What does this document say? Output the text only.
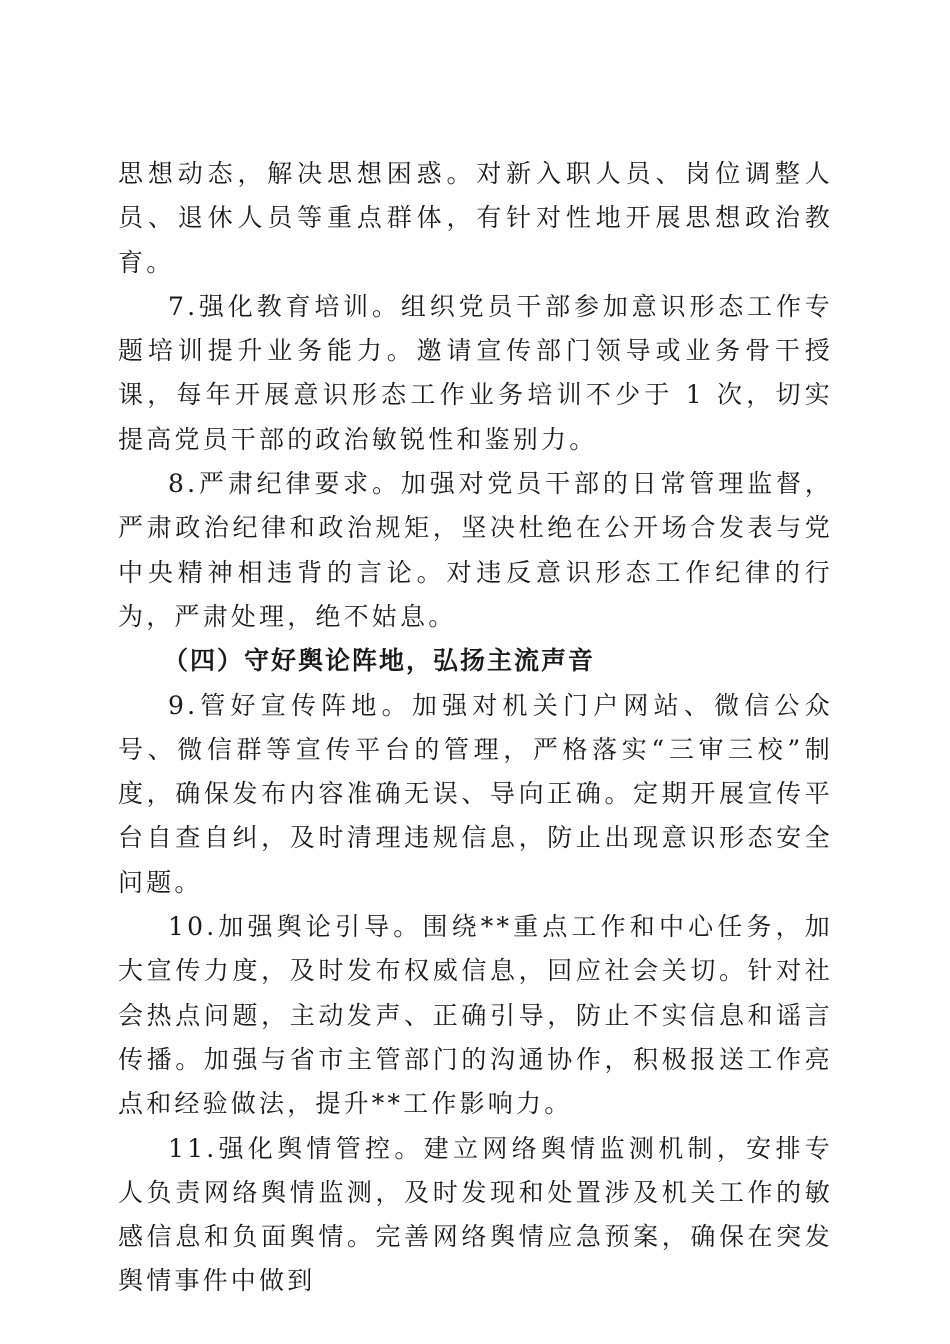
思想动态，解决思想困惑。对新入职人员、岗位调整人员、退休人员等重点群体，有针对性地开展思想政治教育。

7.强化教育培训。组织党员干部参加意识形态工作专题培训提升业务能力。邀请宣传部门领导或业务骨干授课，每年开展意识形态工作业务培训不少于 1 次，切实提高党员干部的政治敏锐性和鉴别力。

8.严肃纪律要求。加强对党员干部的日常管理监督，严肃政治纪律和政治规矩，坚决杜绝在公开场合发表与党中央精神相违背的言论。对违反意识形态工作纪律的行为，严肃处理，绝不姑息。

（四）守好舆论阵地，弘扬主流声音

9.管好宣传阵地。加强对机关门户网站、微信公众号、微信群等宣传平台的管理，严格落实“三审三校”制度，确保发布内容准确无误、导向正确。定期开展宣传平台自查自纠，及时清理违规信息，防止出现意识形态安全问题。

10.加强舆论引导。围绕**重点工作和中心任务，加大宣传力度，及时发布权威信息，回应社会关切。针对社会热点问题，主动发声、正确引导，防止不实信息和谣言传播。加强与省市主管部门的沟通协作，积极报送工作亮点和经验做法，提升**工作影响力。

11.强化舆情管控。建立网络舆情监测机制，安排专人负责网络舆情监测，及时发现和处置涉及机关工作的敏感信息和负面舆情。完善网络舆情应急预案，确保在突发舆情事件中做到
